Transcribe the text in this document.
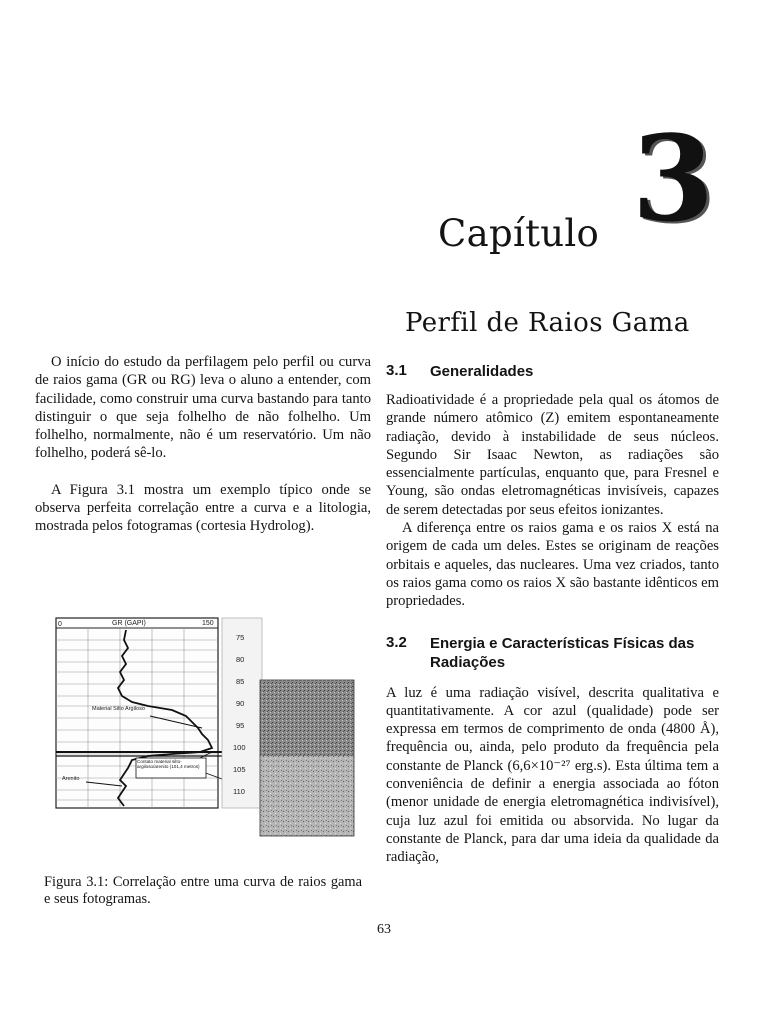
Capítulo 3
Perfil de Raios Gama

O início do estudo da perfilagem pelo perfil ou curva de raios gama (GR ou RG) leva o aluno a entender, com facilidade, como construir uma curva bastando para tanto distinguir o que seja folhelho de não folhelho. Um folhelho, normalmente, não é um reservatório. Um não folhelho, poderá sê-lo.

A Figura 3.1 mostra um exemplo típico onde se observa perfeita correlação entre a curva e a litologia, mostrada pelos fotogramas (cortesia Hydrolog).

0	GR (GAPI)	150
Material Silto Argiloso
Contato material silto-argiloso/arenito (101,4 metros)
Arenito
75
80
85
90
95
100
105
110
Figura 3.1: Correlação entre uma curva de raios gama e seus fotogramas.
3.1	Generalidades

Radioatividade é a propriedade pela qual os átomos de grande número atômico (Z) emitem espontaneamente radiação, devido à instabilidade de seus núcleos. Segundo Sir Isaac Newton, as radiações são essencialmente partículas, enquanto que, para Fresnel e Young, são ondas eletromagnéticas invisíveis, capazes de serem detectadas por seus efeitos ionizantes.

A diferença entre os raios gama e os raios X está na origem de cada um deles. Estes se originam de reações orbitais e aqueles, das nucleares. Uma vez criados, tanto os raios gama como os raios X são bastante idênticos em propriedades.

3.2	Energia e Características Físicas das Radiações

A luz é uma radiação visível, descrita qualitativa e quantitativamente. A cor azul (qualidade) pode ser expressa em termos de comprimento de onda (4800 Å), frequência ou, ainda, pelo produto da frequência pela constante de Planck (6,6×10⁻²⁷ erg.s). Esta última tem a conveniência de definir a energia associada ao fóton (menor unidade de energia eletromagnética indivisível), cuja luz azul foi emitida ou absorvida. No lugar da constante de Planck, para dar uma ideia da qualidade da radiação,

63
